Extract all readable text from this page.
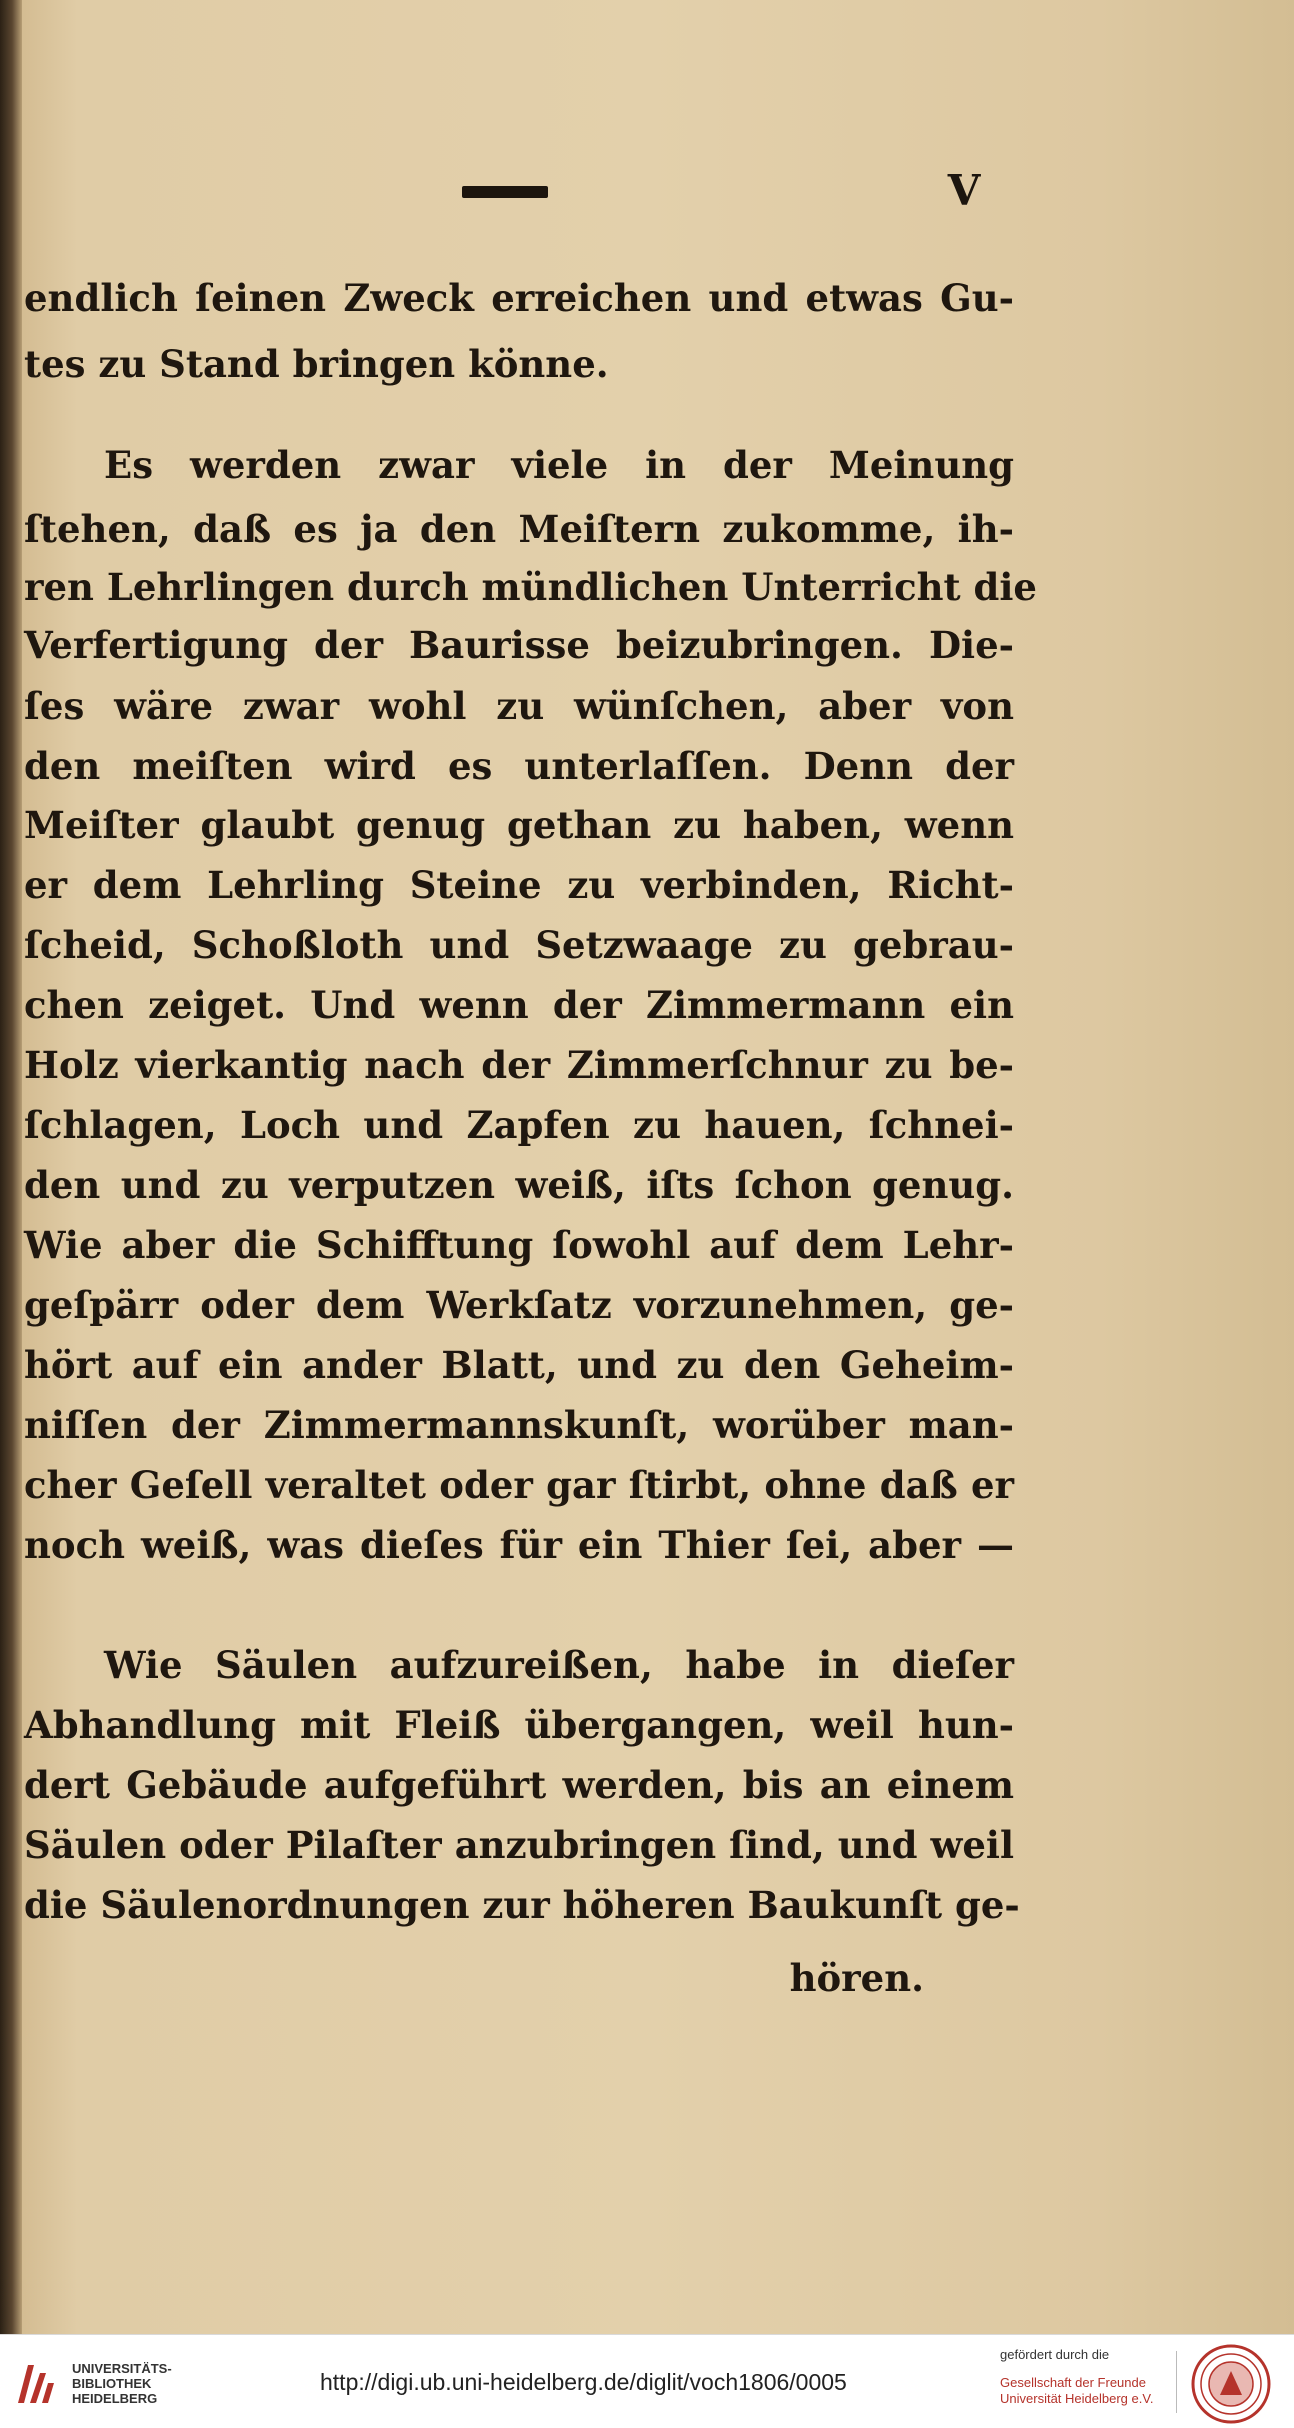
V
endlich ſeinen Zweck erreichen und etwas Gu-
tes zu Stand bringen könne.
Es werden zwar viele in der Meinung
ſtehen, daß es ja den Meiſtern zukomme, ih-
ren Lehrlingen durch mündlichen Unterricht die
Verfertigung der Baurisse beizubringen. Die-
ſes wäre zwar wohl zu wünſchen, aber von
den meiſten wird es unterlaſſen. Denn der
Meiſter glaubt genug gethan zu haben, wenn
er dem Lehrling Steine zu verbinden, Richt-
ſcheid, Schoßloth und Setzwaage zu gebrau-
chen zeiget. Und wenn der Zimmermann ein
Holz vierkantig nach der Zimmerſchnur zu be-
ſchlagen, Loch und Zapfen zu hauen, ſchnei-
den und zu verputzen weiß, iſts ſchon genug.
Wie aber die Schifftung ſowohl auf dem Lehr-
geſpärr oder dem Werkſatz vorzunehmen, ge-
hört auf ein ander Blatt, und zu den Geheim-
niſſen der Zimmermannskunſt, worüber man-
cher Geſell veraltet oder gar ſtirbt, ohne daß er
noch weiß, was dieſes für ein Thier ſei, aber —
Wie Säulen aufzureißen, habe in dieſer
Abhandlung mit Fleiß übergangen, weil hun-
dert Gebäude aufgeführt werden, bis an einem
Säulen oder Pilaſter anzubringen ſind, und weil
die Säulenordnungen zur höheren Baukunſt ge-
hören.
UNIVERSITÄTS-
BIBLIOTHEK
HEIDELBERG
http://digi.ub.uni-heidelberg.de/diglit/voch1806/0005
gefördert durch die
Gesellschaft der Freunde
Universität Heidelberg e.V.
